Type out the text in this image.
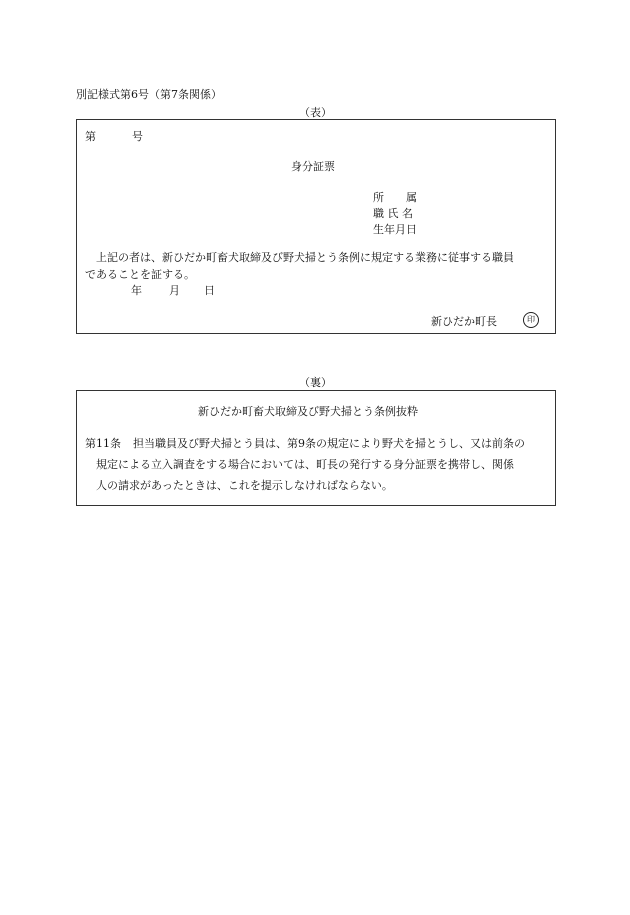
別記様式第6号（第7条関係）
（表）
第	号
身分証票
所　　属
職 氏 名
生年月日
上記の者は、新ひだか町畜犬取締及び野犬掃とう条例に規定する業務に従事する職員
であることを証する。
年 月 日
新ひだか町長	印
（裏）
新ひだか町畜犬取締及び野犬掃とう条例抜粋
第11条 担当職員及び野犬掃とう員は、第9条の規定により野犬を掃とうし、又は前条の
規定による立入調査をする場合においては、町長の発行する身分証票を携帯し、関係
人の請求があったときは、これを提示しなければならない。
